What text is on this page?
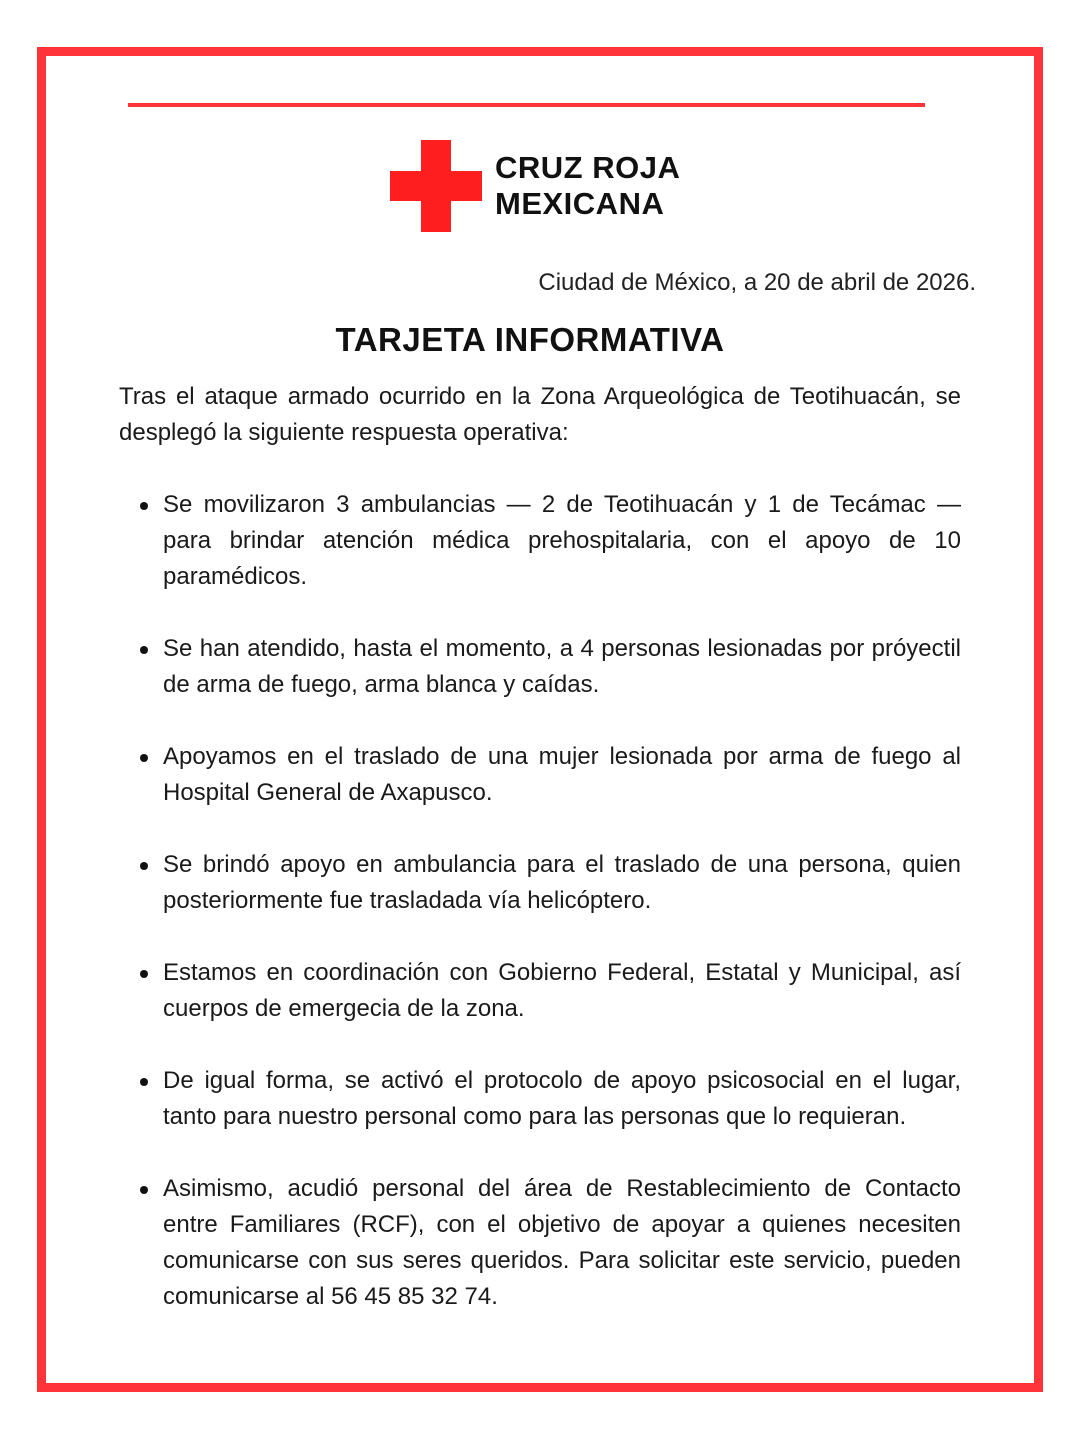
CRUZ ROJA
MEXICANA
Ciudad de México, a 20 de abril de 2026.
TARJETA INFORMATIVA
Tras el ataque armado ocurrido en la Zona Arqueológica de Teotihuacán, se desplegó la siguiente respuesta operativa:
Se movilizaron 3 ambulancias — 2 de Teotihuacán y 1 de Tecámac — para brindar atención médica prehospitalaria, con el apoyo de 10 paramédicos.
Se han atendido, hasta el momento, a 4 personas lesionadas por próyectil de arma de fuego, arma blanca y caídas.
Apoyamos en el traslado de una mujer lesionada por arma de fuego al Hospital General de Axapusco.
Se brindó apoyo en ambulancia para el traslado de una persona, quien posteriormente fue trasladada vía helicóptero.
Estamos en coordinación con Gobierno Federal, Estatal y Municipal, así cuerpos de emergecia de la zona.
De igual forma, se activó el protocolo de apoyo psicosocial en el lugar, tanto para nuestro personal como para las personas que lo requieran.
Asimismo, acudió personal del área de Restablecimiento de Contacto entre Familiares (RCF), con el objetivo de apoyar a quienes necesiten comunicarse con sus seres queridos. Para solicitar este servicio, pueden comunicarse al 56 45 85 32 74.
